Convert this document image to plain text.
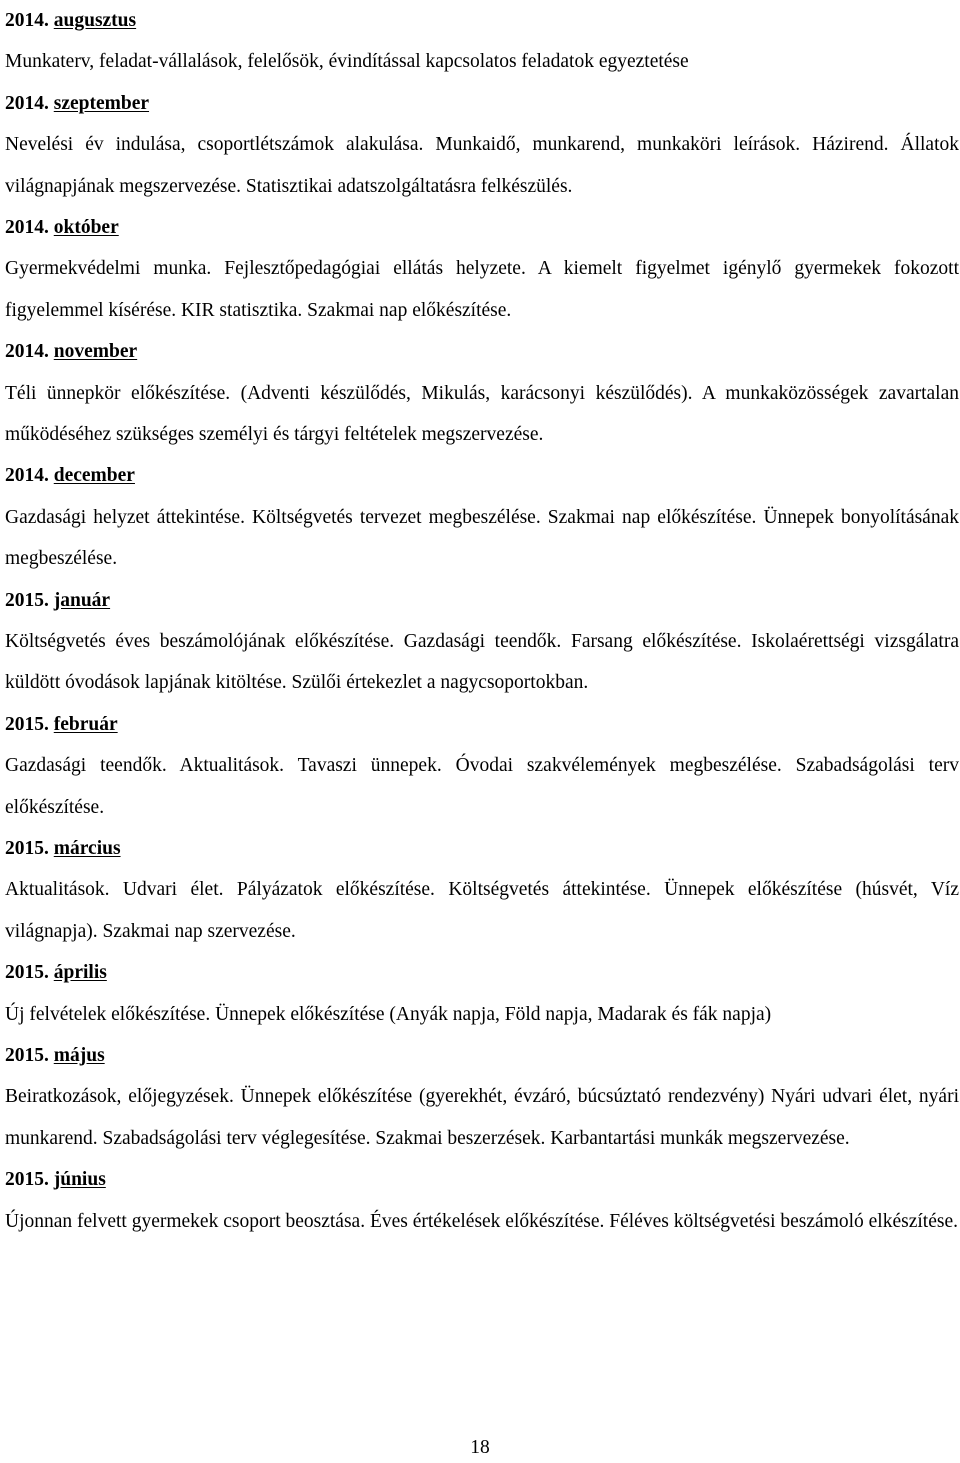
2014. augusztus

Munkaterv, feladat-vállalások, felelősök, évindítással kapcsolatos feladatok egyeztetése

2014. szeptember

Nevelési év indulása, csoportlétszámok alakulása. Munkaidő, munkarend, munkaköri leírások. Házirend. Állatok világnapjának megszervezése. Statisztikai adatszolgáltatásra felkészülés.

2014. október

Gyermekvédelmi munka. Fejlesztőpedagógiai ellátás helyzete. A kiemelt figyelmet igénylő gyermekek fokozott figyelemmel kísérése. KIR statisztika. Szakmai nap előkészítése.

2014. november

Téli ünnepkör előkészítése. (Adventi készülődés, Mikulás, karácsonyi készülődés). A munkaközösségek zavartalan működéséhez szükséges személyi és tárgyi feltételek megszervezése.

2014. december

Gazdasági helyzet áttekintése. Költségvetés tervezet megbeszélése. Szakmai nap előkészítése. Ünnepek bonyolításának megbeszélése.

2015. január

Költségvetés éves beszámolójának előkészítése. Gazdasági teendők. Farsang előkészítése. Iskolaérettségi vizsgálatra küldött óvodások lapjának kitöltése. Szülői értekezlet a nagycsoportokban.

2015. február

Gazdasági teendők. Aktualitások. Tavaszi ünnepek. Óvodai szakvélemények megbeszélése. Szabadságolási terv előkészítése.

2015. március

Aktualitások. Udvari élet. Pályázatok előkészítése. Költségvetés áttekintése. Ünnepek előkészítése (húsvét, Víz világnapja). Szakmai nap szervezése.

2015. április

Új felvételek előkészítése. Ünnepek előkészítése (Anyák napja, Föld napja, Madarak és fák napja)

2015. május

Beiratkozások, előjegyzések. Ünnepek előkészítése (gyerekhét, évzáró, búcsúztató rendezvény) Nyári udvari élet, nyári munkarend. Szabadságolási terv véglegesítése. Szakmai beszerzések. Karbantartási munkák megszervezése.

2015. június

Újonnan felvett gyermekek csoport beosztása. Éves értékelések előkészítése. Féléves költségvetési beszámoló elkészítése.

18
